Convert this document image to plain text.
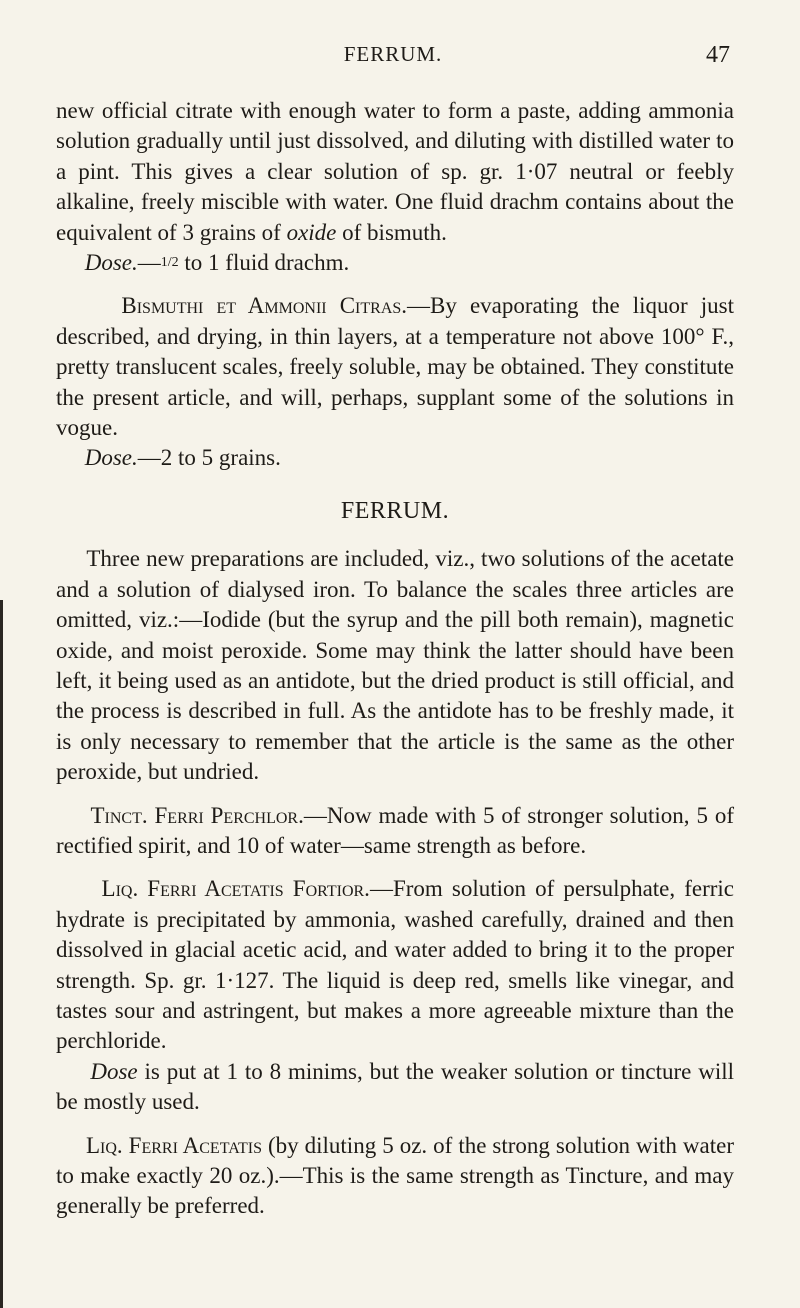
FERRUM.	47

new official citrate with enough water to form a paste, adding ammonia solution gradually until just dissolved, and diluting with distilled water to a pint. This gives a clear solution of sp. gr. 1·07 neutral or feebly alkaline, freely miscible with water. One fluid drachm contains about the equivalent of 3 grains of oxide of bismuth.

Dose.—1/2 to 1 fluid drachm.

Bismuthi et Ammonii Citras.—By evaporating the liquor just described, and drying, in thin layers, at a temperature not above 100° F., pretty translucent scales, freely soluble, may be obtained. They constitute the present article, and will, perhaps, supplant some of the solutions in vogue.

Dose.—2 to 5 grains.

FERRUM.

Three new preparations are included, viz., two solutions of the acetate and a solution of dialysed iron. To balance the scales three articles are omitted, viz.:—Iodide (but the syrup and the pill both remain), magnetic oxide, and moist peroxide. Some may think the latter should have been left, it being used as an antidote, but the dried product is still official, and the process is described in full. As the antidote has to be freshly made, it is only necessary to remember that the article is the same as the other peroxide, but undried.

Tinct. Ferri Perchlor.—Now made with 5 of stronger solution, 5 of rectified spirit, and 10 of water—same strength as before.

Liq. Ferri Acetatis Fortior.—From solution of persulphate, ferric hydrate is precipitated by ammonia, washed carefully, drained and then dissolved in glacial acetic acid, and water added to bring it to the proper strength. Sp. gr. 1·127. The liquid is deep red, smells like vinegar, and tastes sour and astringent, but makes a more agreeable mixture than the perchloride.

Dose is put at 1 to 8 minims, but the weaker solution or tincture will be mostly used.

Liq. Ferri Acetatis (by diluting 5 oz. of the strong solution with water to make exactly 20 oz.).—This is the same strength as Tincture, and may generally be preferred.
